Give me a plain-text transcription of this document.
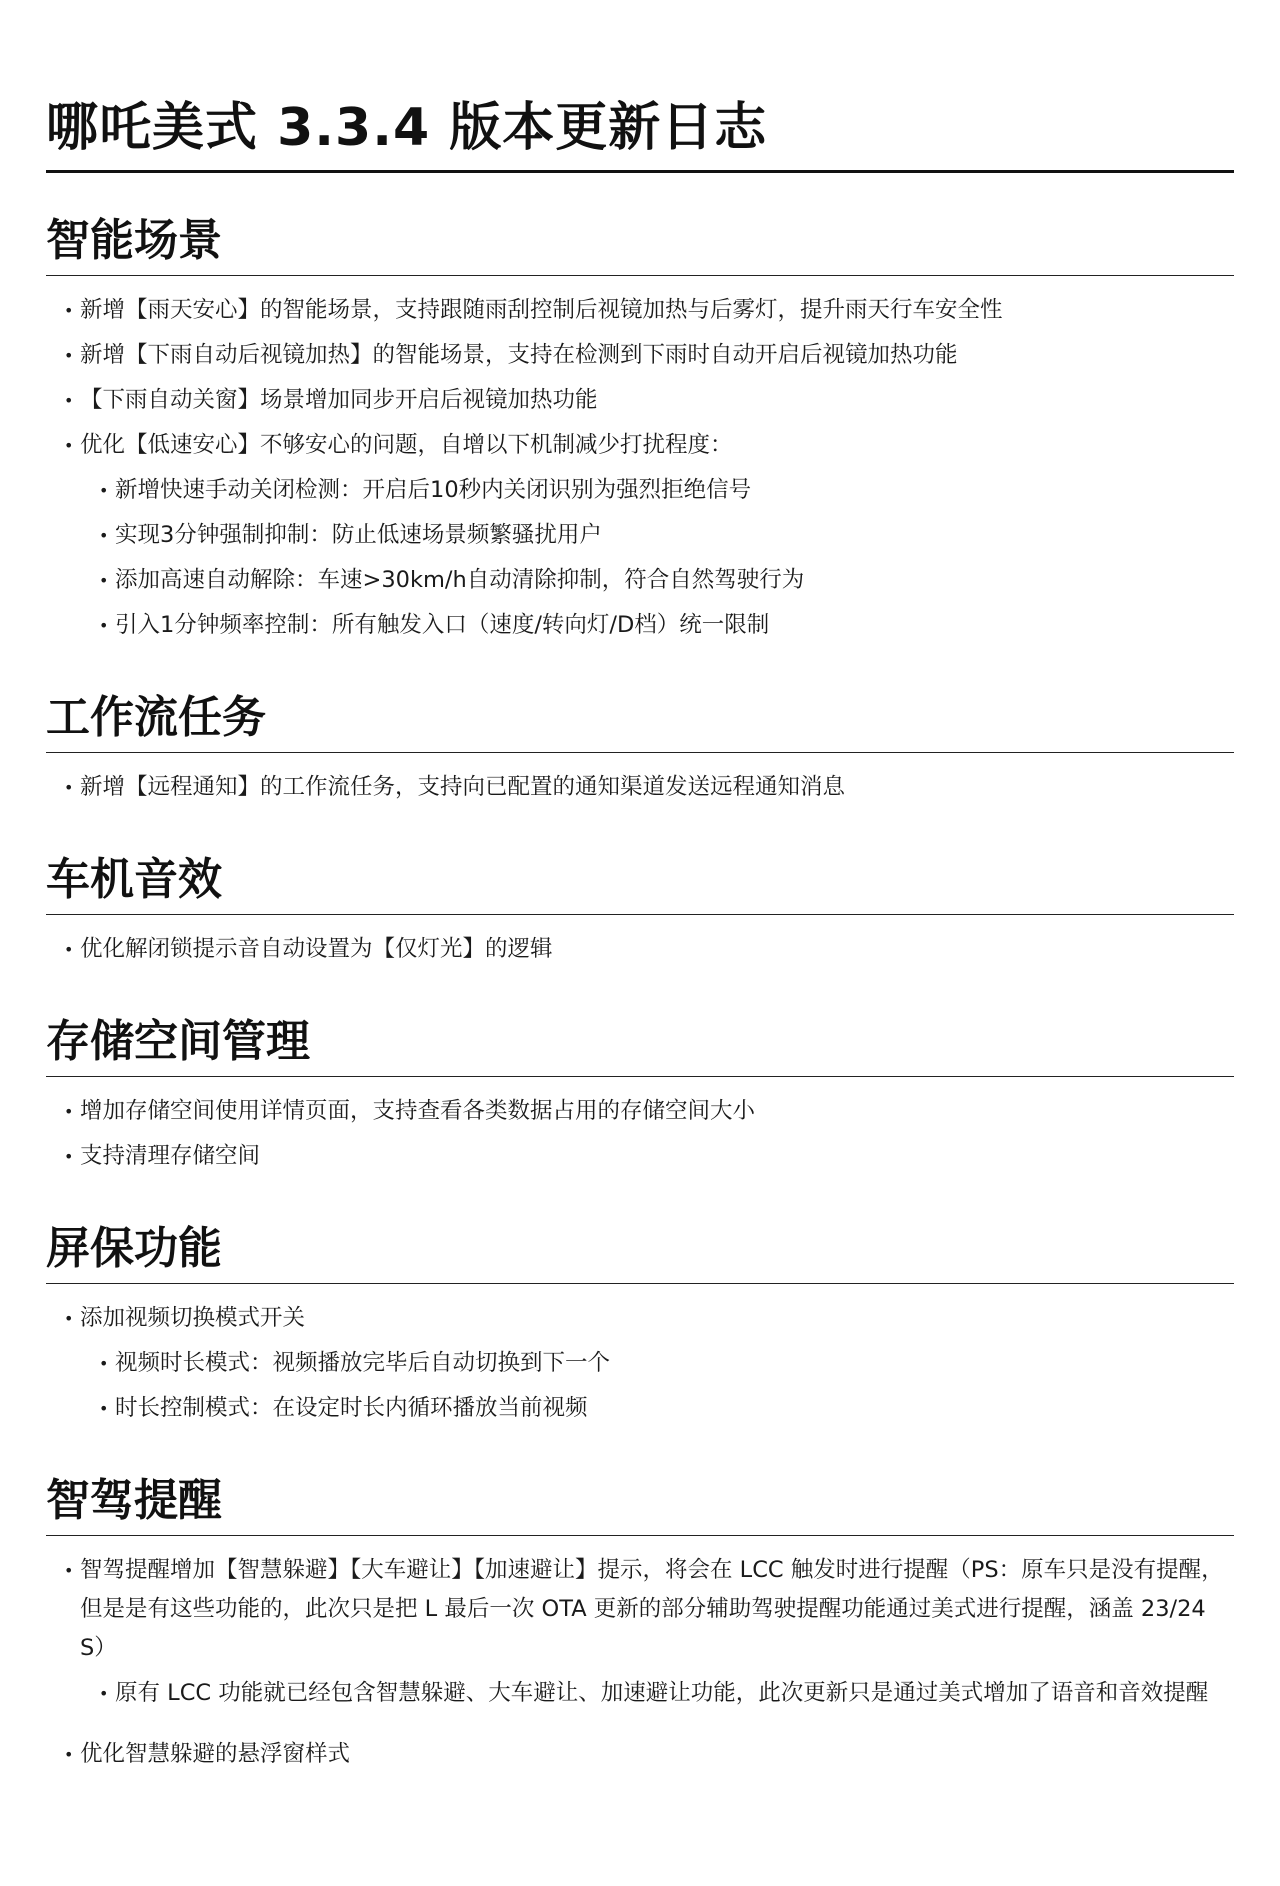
哪吒美式 3.3.4 版本更新日志
智能场景
• 新增【雨天安心】的智能场景，支持跟随雨刮控制后视镜加热与后雾灯，提升雨天行车安全性
• 新增【下雨自动后视镜加热】的智能场景，支持在检测到下雨时自动开启后视镜加热功能
• 【下雨自动关窗】场景增加同步开启后视镜加热功能
• 优化【低速安心】不够安心的问题，自增以下机制减少打扰程度：
• 新增快速手动关闭检测：开启后10秒内关闭识别为强烈拒绝信号
• 实现3分钟强制抑制：防止低速场景频繁骚扰用户
• 添加高速自动解除：车速>30km/h自动清除抑制，符合自然驾驶行为
• 引入1分钟频率控制：所有触发入口（速度/转向灯/D档）统一限制
工作流任务
• 新增【远程通知】的工作流任务，支持向已配置的通知渠道发送远程通知消息
车机音效
• 优化解闭锁提示音自动设置为【仅灯光】的逻辑
存储空间管理
• 增加存储空间使用详情页面，支持查看各类数据占用的存储空间大小
• 支持清理存储空间
屏保功能
• 添加视频切换模式开关
• 视频时长模式：视频播放完毕后自动切换到下一个
• 时长控制模式：在设定时长内循环播放当前视频
智驾提醒
• 智驾提醒增加【智慧躲避】【大车避让】【加速避让】提示，将会在 LCC 触发时进行提醒（PS：原车只是没有提醒，但是是有这些功能的，此次只是把 L 最后一次 OTA 更新的部分辅助驾驶提醒功能通过美式进行提醒，涵盖 23/24 S）
• 原有 LCC 功能就已经包含智慧躲避、大车避让、加速避让功能，此次更新只是通过美式增加了语音和音效提醒
• 优化智慧躲避的悬浮窗样式
